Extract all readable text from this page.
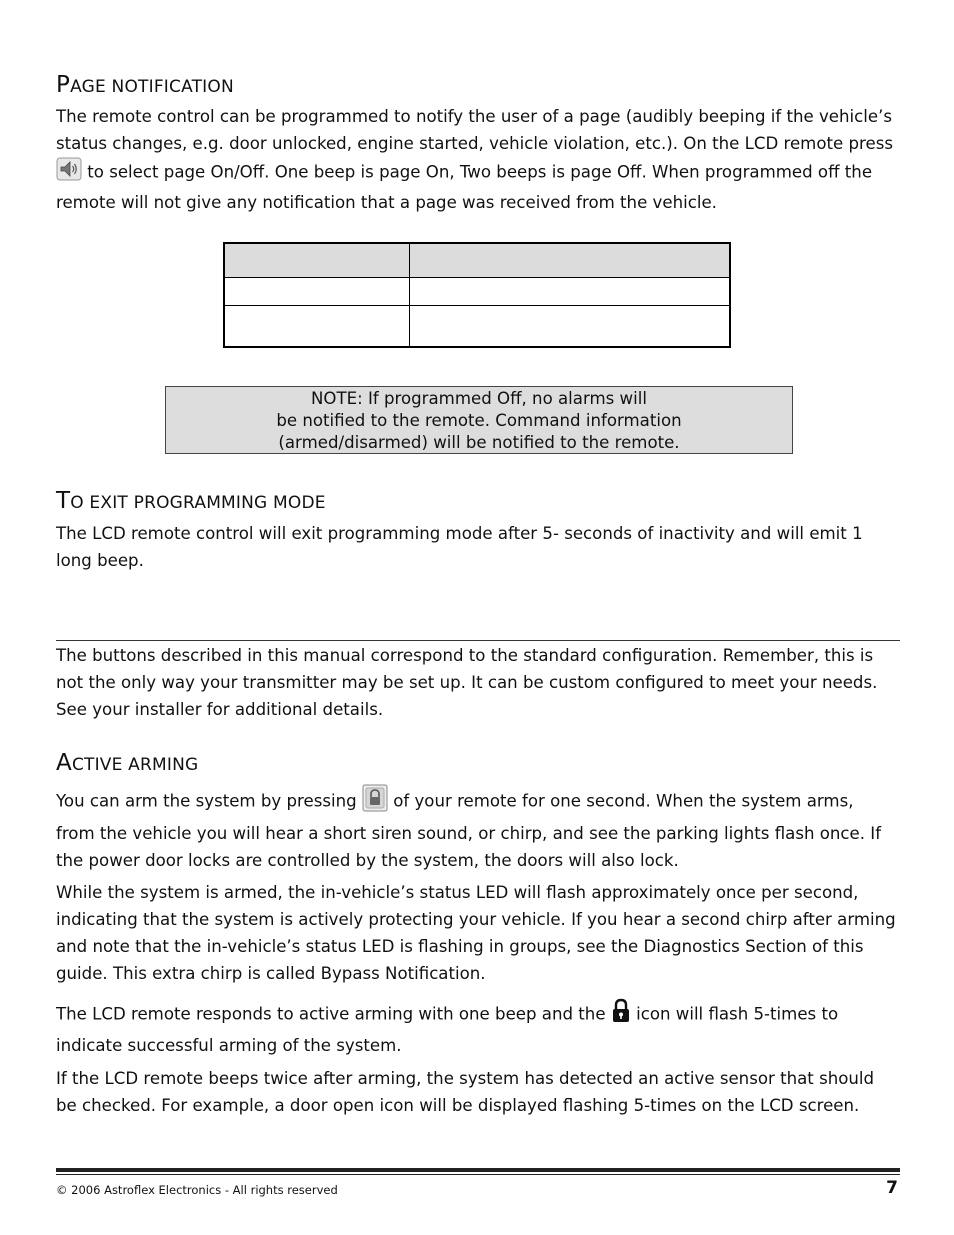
PAGE NOTIFICATION

The remote control can be programmed to notify the user of a page (audibly beeping if the vehicle’s status changes, e.g. door unlocked, engine started, vehicle violation, etc.). On the LCD remote press  to select page On/Off. One beep is page On, Two beeps is page Off. When programmed off the remote will not give any notification that a page was received from the vehicle.

NOTE: If programmed Off, no alarms will
be notified to the remote. Command information
(armed/disarmed) will be notified to the remote.
TO EXIT PROGRAMMING MODE

The LCD remote control will exit programming mode after 5- seconds of inactivity and will emit 1 long beep.

The buttons described in this manual correspond to the standard configuration. Remember, this is not the only way your transmitter may be set up. It can be custom configured to meet your needs. See your installer for additional details.

ACTIVE ARMING

You can arm the system by pressing  of your remote for one second. When the system arms,
from the vehicle you will hear a short siren sound, or chirp, and see the parking lights flash once. If the power door locks are controlled by the system, the doors will also lock.

While the system is armed, the in-vehicle’s status LED will flash approximately once per second, indicating that the system is actively protecting your vehicle. If you hear a second chirp after arming and note that the in-vehicle’s status LED is flashing in groups, see the Diagnostics Section of this guide. This extra chirp is called Bypass Notification.

The LCD remote responds to active arming with one beep and the  icon will flash 5-times to
indicate successful arming of the system.

If the LCD remote beeps twice after arming, the system has detected an active sensor that should be checked. For example, a door open icon will be displayed flashing 5-times on the LCD screen.

© 2006 Astroflex Electronics - All rights reserved	7
